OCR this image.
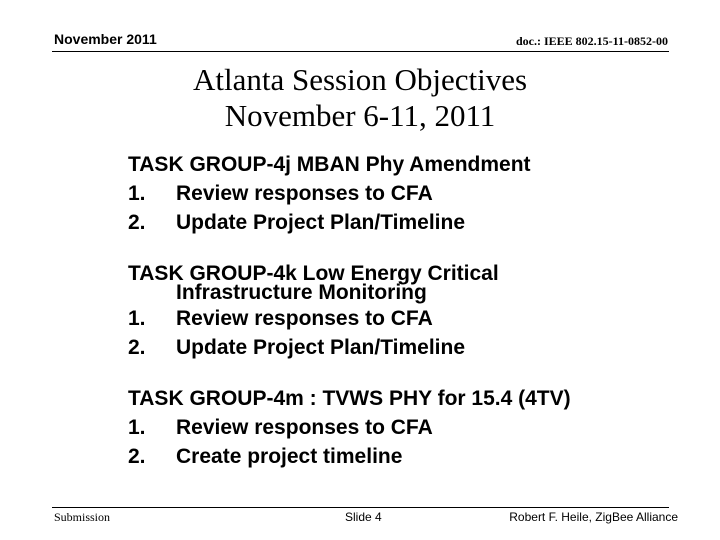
November 2011	doc.: IEEE 802.15-11-0852-00
Atlanta Session Objectives
November 6-11, 2011
TASK GROUP-4j MBAN Phy Amendment
1.	Review responses to CFA
2.	Update Project Plan/Timeline
TASK GROUP-4k Low Energy Critical
Infrastructure Monitoring
1.	Review responses to CFA
2.	Update Project Plan/Timeline
TASK GROUP-4m : TVWS PHY for 15.4 (4TV)
1.	Review responses to CFA
2.	Create project timeline
Submission	Slide 4	Robert F. Heile, ZigBee Alliance
